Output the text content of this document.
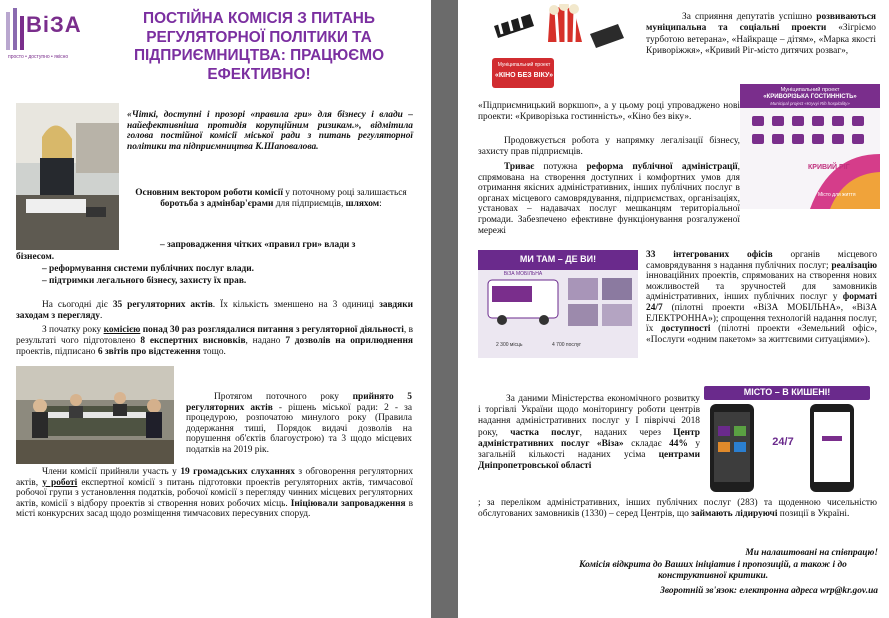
ВіЗА
просто • доступно • якісно
ПОСТІЙНА КОМІСІЯ З ПИТАНЬ РЕГУЛЯТОРНОЇ ПОЛІТИКИ ТА ПІДПРИЄМНИЦТВА: ПРАЦЮЄМО ЕФЕКТИВНО!

«Чіткі, доступні і прозорі «правила гри» для бізнесу і влади – найефективніша протидія корупційним ризикам.», відмітила голова постійної комісії міської ради з питань регуляторної політики та підприємництва К.Шаповалова.

Основним вектором роботи комісії у поточному році залишається боротьба з адмінбар'єрами для підприємців, шляхом:

– запровадження чітких «правил гри» влади з
бізнесом.
– реформування системи публічних послуг влади.
– підтримки легального бізнесу, захисту їх прав.

На сьогодні діє 35 регуляторних актів. Їх кількість зменшено на 3 одиниці завдяки заходам з перегляду.

З початку року комісією понад 30 раз розглядалися питання з регуляторної діяльності, в результаті чого підготовлено 8 експертних висновків, надано 7 дозволів на оприлюднення проектів, підписано 6 звітів про відстеження тощо.

Протягом поточного року прийнято 5 регуляторних актів - рішень міської ради: 2 - за процедурою, розпочатою минулого року (Правила додержання тиші, Порядок видачі дозволів на порушення об'єктів благоустрою) та 3 щодо місцевих податків на 2019 рік.

Члени комісії прийняли участь у 19 громадських слуханнях з обговорення регуляторних актів, у роботі експертної комісії з питань підготовки проектів регуляторних актів, тимчасової робочої групи з установлення податків, робочої комісії з перегляду чинних місцевих регуляторних актів, комісії з відбору проектів зі створення нових робочих місць. Ініціювали запровадження в місті конкурсних засад щодо розміщення тимчасових пересувних споруд.

Муніципальний проект
«КІНО БЕЗ ВІКУ»

За сприяння депутатів успішно розвиваються муніципальна та соціальні проекти «Зігріємо турботою ветерана», «Найкраще – дітям», «Марка якості Криворіжжя», «Кривий Ріг-місто дитячих розваг»,

Муніципальний проект
«КРИВОРІЗЬКА ГОСТИННІСТЬ»
Municipal project «Kryvyi Rih hospitality»
КРИВИЙ РІГ
Місто для життя

«Підприємницький воркшоп», а у цьому році упроваджено нові проекти: «Криворізька гостинність», «Кіно без віку».

Продовжується робота у напрямку легалізації бізнесу, захисту прав підприємців.

Триває потужна реформа публічної адміністрації, спрямована на створення доступних і комфортних умов для отримання якісних адміністративних, інших публічних послуг в органах місцевого самоврядування, підприємствах, організаціях, установах – надавачах послуг мешканцям територіальної громади. Забезпечено ефективне функціонування розгалуженої мережі

МИ ТАМ – ДЕ ВИ!
ВіЗА МОБІЛЬНА
2 300 місць	4 700 послуг

33 інтегрованих офісів органів місцевого самоврядування з надання публічних послуг; реалізацію інноваційних проектів, спрямованих на створення нових можливостей та зручностей для замовників адміністративних, інших публічних послуг у форматі 24/7 (пілотні проекти «ВіЗА МОБІЛЬНА», «ВіЗА ЕЛЕКТРОННА»); спрощення технологій надання послуг, їх доступності (пілотні проекти «Земельний офіс», «Послуги «одним пакетом» за життєвими ситуаціями»).

МІСТО – В КИШЕНІ!
24/7

За даними Міністерства економічного розвитку і торгівлі України щодо моніторингу роботи центрів надання адміністративних послуг у І півріччі 2018 року, частка послуг, наданих через Центр адміністративних послуг «Віза» складає 44% у загальній кількості наданих усіма центрами Дніпропетровської області

; за переліком адміністративних, інших публічних послуг (283) та щоденною чисельністю обслугованих замовників (1330) – серед Центрів, що займають лідируючі позиції в Україні.

Ми налаштовані на співпрацю!
Комісія відкрита до Ваших ініціатив і пропозицій, а також і до конструктивної критики.
Зворотній зв'язок: електронна адреса wrp@kr.gov.ua
